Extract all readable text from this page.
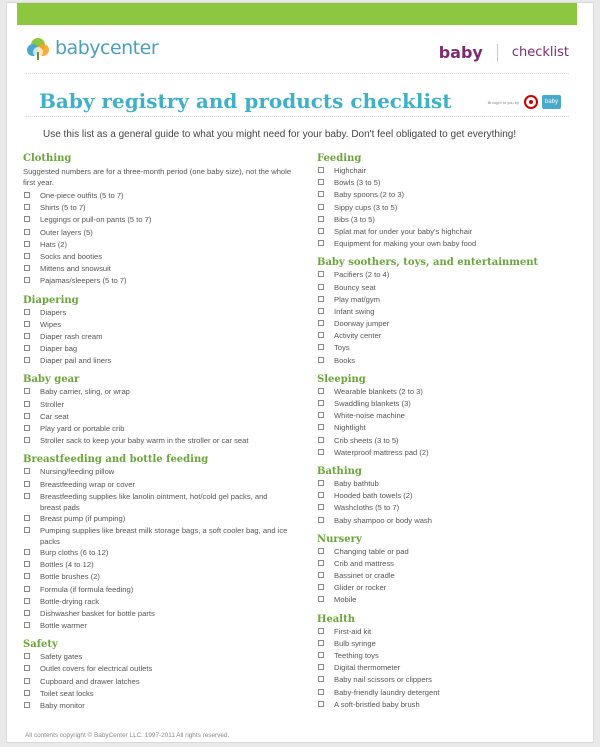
babycenter	baby checklist
Baby registry and products checklist	Brought to you by	baby

Use this list as a general guide to what you might need for your baby. Don't feel obligated to get everything!

Clothing
Suggested numbers are for a three-month period (one baby size), not the whole first year.
One-piece outfits (5 to 7)
Shirts (5 to 7)
Leggings or pull-on pants (5 to 7)
Outer layers (5)
Hats (2)
Socks and booties
Mittens and snowsuit
Pajamas/sleepers (5 to 7)
Diapering
Diapers
Wipes
Diaper rash cream
Diaper bag
Diaper pail and liners
Baby gear
Baby carrier, sling, or wrap
Stroller
Car seat
Play yard or portable crib
Stroller sack to keep your baby warm in the stroller or car seat
Breastfeeding and bottle feeding
Nursing/feeding pillow
Breastfeeding wrap or cover
Breastfeeding supplies like lanolin ointment, hot/cold gel packs, and breast pads
Breast pump (if pumping)
Pumping supplies like breast milk storage bags, a soft cooler bag, and ice packs
Burp cloths (6 to 12)
Bottles (4 to 12)
Bottle brushes (2)
Formula (if formula feeding)
Bottle-drying rack
Dishwasher basket for bottle parts
Bottle warmer
Safety
Safety gates
Outlet covers for electrical outlets
Cupboard and drawer latches
Toilet seat locks
Baby monitor
Feeding
Highchair
Bowls (3 to 5)
Baby spoons (2 to 3)
Sippy cups (3 to 5)
Bibs (3 to 5)
Splat mat for under your baby's highchair
Equipment for making your own baby food
Baby soothers, toys, and entertainment
Pacifiers (2 to 4)
Bouncy seat
Play mat/gym
Infant swing
Doorway jumper
Activity center
Toys
Books
Sleeping
Wearable blankets (2 to 3)
Swaddling blankets (3)
White-noise machine
Nightlight
Crib sheets (3 to 5)
Waterproof mattress pad (2)
Bathing
Baby bathtub
Hooded bath towels (2)
Washcloths (5 to 7)
Baby shampoo or body wash
Nursery
Changing table or pad
Crib and mattress
Bassinet or cradle
Glider or rocker
Mobile
Health
First-aid kit
Bulb syringe
Teething toys
Digital thermometer
Baby nail scissors or clippers
Baby-friendly laundry detergent
A soft-bristled baby brush

All contents copyright © BabyCenter LLC. 1997-2011 All rights reserved.
